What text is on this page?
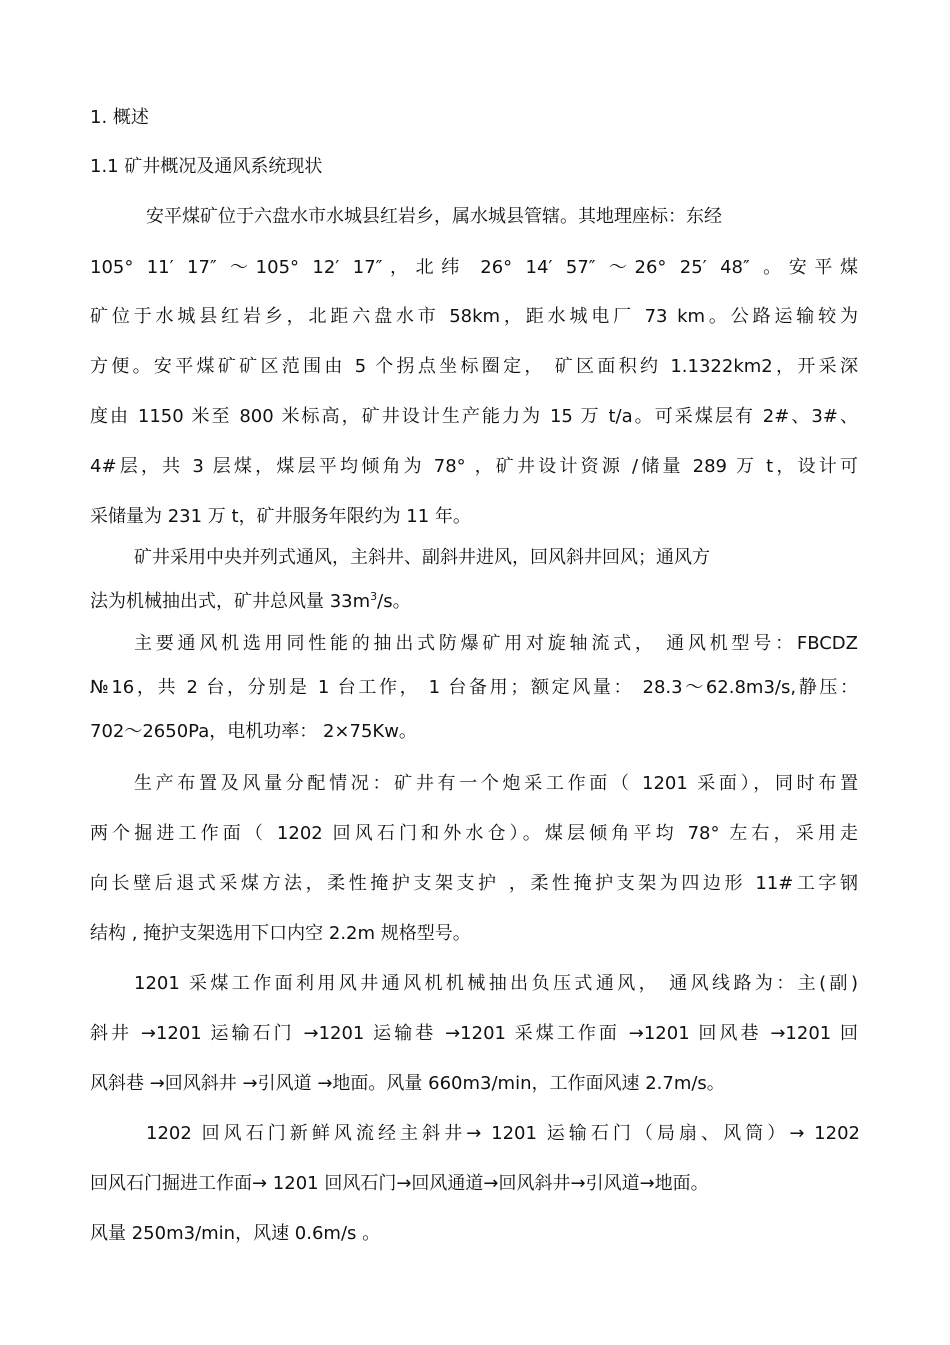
1. 概述
1.1 矿井概况及通风系统现状
安平煤矿位于六盘水市水城县红岩乡，属水城县管辖。其地理座标：东经
105° 11′ 17″ ～105° 12′ 17″，北纬 26° 14′ 57″ ～26° 25′ 48″ 。安平煤
矿位于水城县红岩乡，北距六盘水市 58km，距水城电厂 73 km。公路运输较为
方便。安平煤矿矿区范围由 5 个拐点坐标圈定， 矿区面积约 1.1322km2，开采深
度由 1150 米至 800 米标高，矿井设计生产能力为 15 万 t/a。可采煤层有 2#、3#、
4#层，共 3 层煤，煤层平均倾角为 78° ，矿井设计资源 /储量 289 万 t，设计可
采储量为 231 万 t，矿井服务年限约为 11 年。
矿井采用中央并列式通风，主斜井、副斜井进风，回风斜井回风；通风方
法为机械抽出式，矿井总风量 $33m^3/s$。
主要通风机选用同性能的抽出式防爆矿用对旋轴流式， 通风机型号：FBCDZ
№16，共 2 台，分别是 1 台工作， 1 台备用；额定风量： 28.3～62.8m3/s,静压：
702～2650Pa，电机功率： 2×75Kw。
生产布置及风量分配情况：矿井有一个炮采工作面（ 1201 采面），同时布置
两个掘进工作面（ 1202 回风石门和外水仓）。煤层倾角平均 78° 左右，采用走
向长壁后退式采煤方法，柔性掩护支架支护 ，柔性掩护支架为四边形 11#工字钢
结构 , 掩护支架选用下口内空 2.2m 规格型号。
1201 采煤工作面利用风井通风机机械抽出负压式通风， 通风线路为：主(副)
斜井 →1201 运输石门 →1201 运输巷 →1201 采煤工作面 →1201 回风巷 →1201 回
风斜巷 →回风斜井 →引风道 →地面。风量 660m3/min，工作面风速 2.7m/s。
1202 回风石门新鲜风流经主斜井→ 1201 运输石门（局扇、风筒）→ 1202
回风石门掘进工作面→ 1201 回风石门→回风通道→回风斜井→引风道→地面。
风量 250m3/min，风速 0.6m/s 。
